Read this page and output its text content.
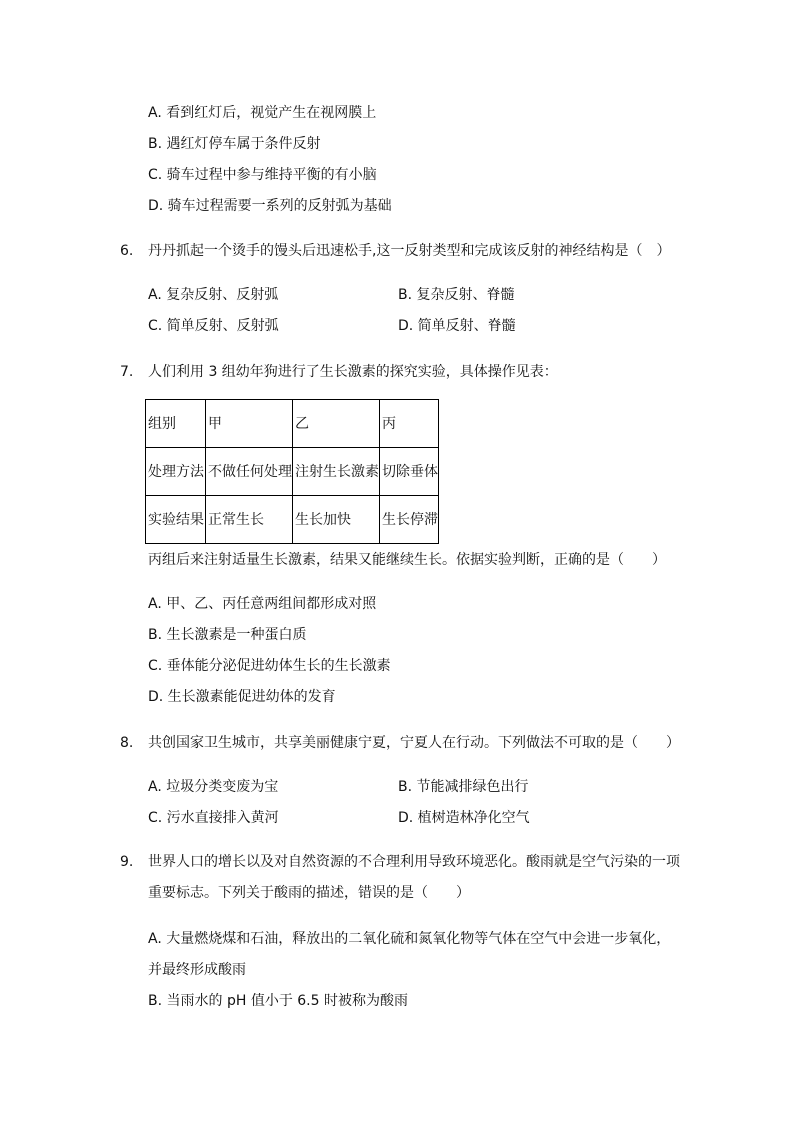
A. 看到红灯后，视觉产生在视网膜上
B. 遇红灯停车属于条件反射
C. 骑车过程中参与维持平衡的有小脑
D. 骑车过程需要一系列的反射弧为基础
6. 丹丹抓起一个烫手的馒头后迅速松手,这一反射类型和完成该反射的神经结构是（　）
A. 复杂反射、反射弧	B. 复杂反射、脊髓
C. 简单反射、反射弧	D. 简单反射、脊髓
7. 人们利用 3 组幼年狗进行了生长激素的探究实验，具体操作见表：
组别	甲	乙	丙
处理方法	不做任何处理	注射生长激素	切除垂体
实验结果	正常生长	生长加快	生长停滞
丙组后来注射适量生长激素，结果又能继续生长。依据实验判断，正确的是（　　）
A. 甲、乙、丙任意两组间都形成对照
B. 生长激素是一种蛋白质
C. 垂体能分泌促进幼体生长的生长激素
D. 生长激素能促进幼体的发育
8. 共创国家卫生城市，共享美丽健康宁夏，宁夏人在行动。下列做法不可取的是（　　）
A. 垃圾分类变废为宝	B. 节能减排绿色出行
C. 污水直接排入黄河	D. 植树造林净化空气
9. 世界人口的增长以及对自然资源的不合理利用导致环境恶化。酸雨就是空气污染的一项
重要标志。下列关于酸雨的描述，错误的是（　　）
A. 大量燃烧煤和石油，释放出的二氧化硫和氮氧化物等气体在空气中会进一步氧化，
并最终形成酸雨
B. 当雨水的 pH 值小于 6.5 时被称为酸雨
